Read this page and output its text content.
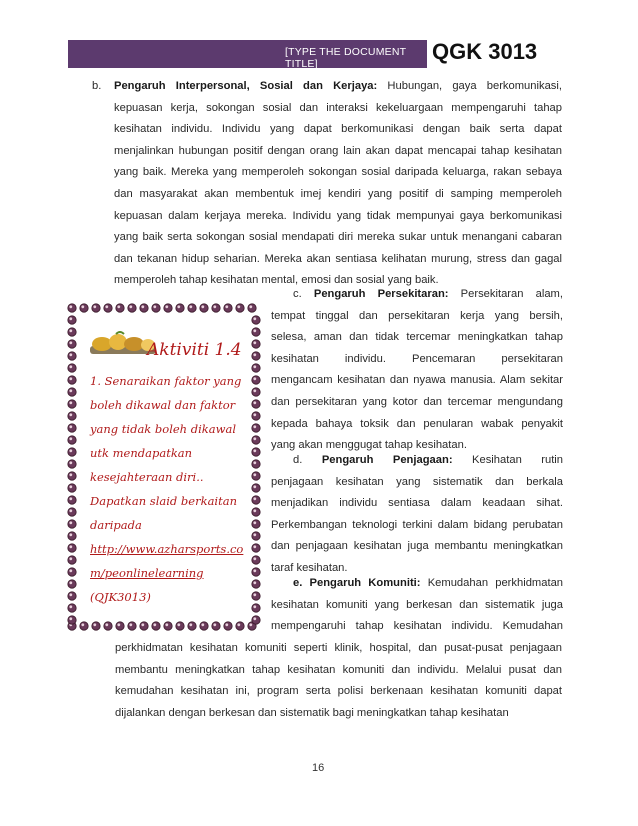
[TYPE THE DOCUMENT TITLE]	QGK 3013
b. Pengaruh Interpersonal, Sosial dan Kerjaya: Hubungan, gaya berkomunikasi,
kepuasan kerja, sokongan sosial dan interaksi kekeluargaan mempengaruhi tahap
kesihatan individu. Individu yang dapat berkomunikasi dengan baik serta dapat
menjalinkan hubungan positif dengan orang lain akan dapat mencapai tahap kesihatan
yang baik. Mereka yang memperoleh sokongan sosial daripada keluarga, rakan sebaya
dan masyarakat akan membentuk imej kendiri yang positif di samping memperoleh
kepuasan dalam kerjaya mereka. Individu yang tidak mempunyai gaya berkomunikasi
yang baik serta sokongan sosial mendapati diri mereka sukar untuk menangani cabaran
dan tekanan hidup seharian. Mereka akan sentiasa kelihatan murung, stress dan gagal
memperoleh tahap kesihatan mental, emosi dan sosial yang baik.
c. Pengaruh Persekitaran: Persekitaran alam,
tempat tinggal dan persekitaran kerja yang bersih,
selesa, aman dan tidak tercemar meningkatkan tahap
kesihatan individu. Pencemaran persekitaran
mengancam kesihatan dan nyawa manusia. Alam sekitar
dan persekitaran yang kotor dan tercemar mengundang
kepada bahaya toksik dan penularan wabak penyakit
yang akan menggugat tahap kesihatan.
d. Pengaruh Penjagaan: Kesihatan rutin
penjagaan kesihatan yang sistematik dan berkala
menjadikan individu sentiasa dalam keadaan sihat.
Perkembangan teknologi terkini dalam bidang perubatan
dan penjagaan kesihatan juga membantu meningkatkan
taraf kesihatan.
e. Pengaruh Komuniti: Kemudahan perkhidmatan
kesihatan komuniti yang berkesan dan sistematik juga
mempengaruhi tahap kesihatan individu. Kemudahan
perkhidmatan kesihatan komuniti seperti klinik, hospital, dan pusat-pusat penjagaan
membantu meningkatkan tahap kesihatan komuniti dan individu. Melalui pusat dan
kemudahan kesihatan ini, program serta polisi berkenaan kesihatan komuniti dapat
dijalankan dengan berkesan dan sistematik bagi meningkatkan tahap kesihatan
Aktiviti 1.4
1. Senaraikan faktor yang
boleh dikawal dan faktor
yang tidak boleh dikawal
utk mendapatkan
kesejahteraan diri..
Dapatkan slaid berkaitan
daripada
http://www.azharsports.co
m/peonlinelearning
(QJK3013)
16
